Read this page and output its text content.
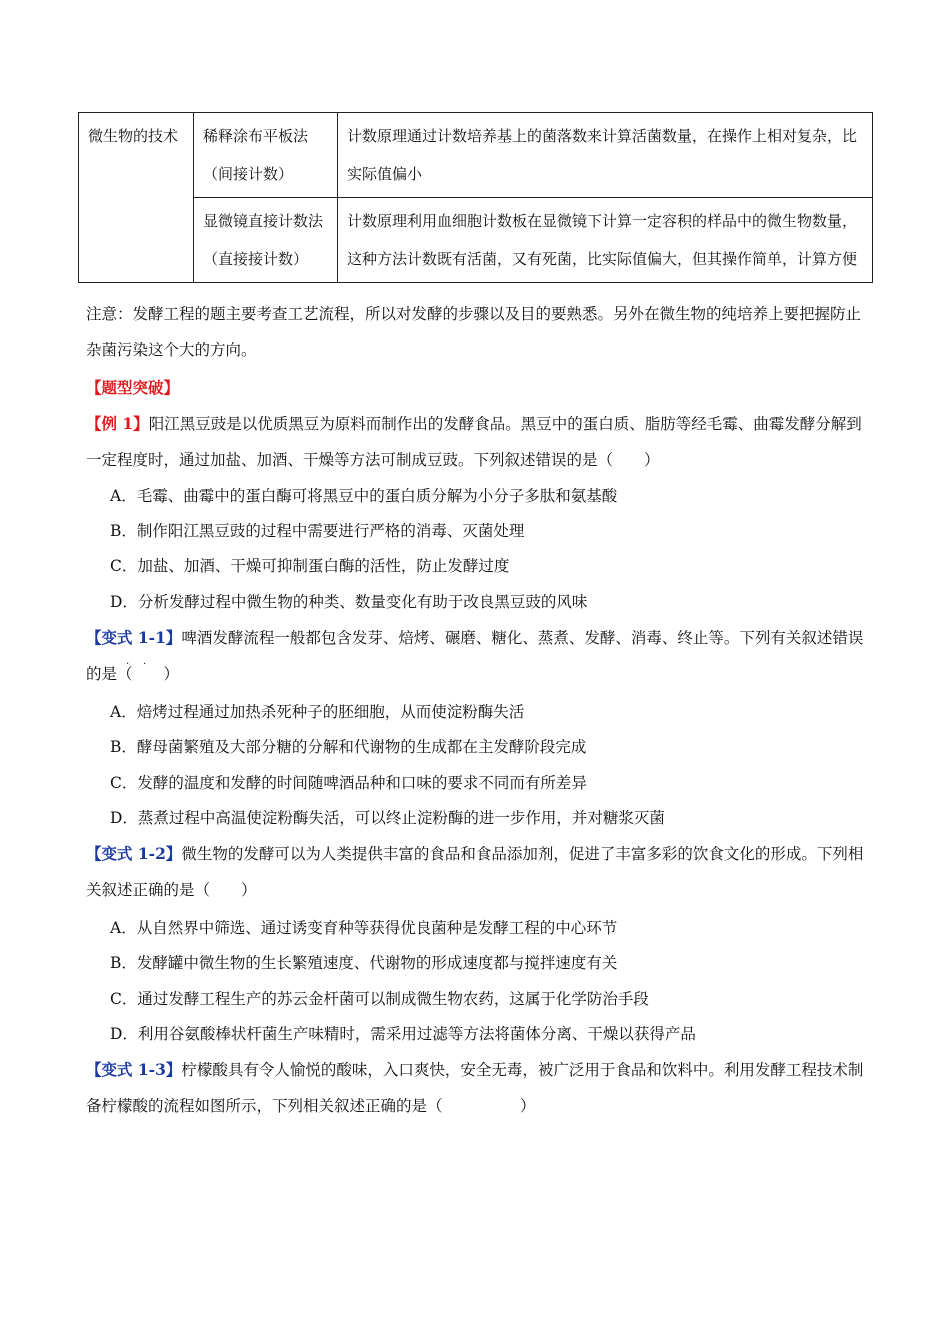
微生物的技术	稀释涂布平板法（间接计数）	计数原理通过计数培养基上的菌落数来计算活菌数量，在操作上相对复杂，比实际值偏小
	显微镜直接计数法（直接接计数）	计数原理利用血细胞计数板在显微镜下计算一定容积的样品中的微生物数量，这种方法计数既有活菌，又有死菌，比实际值偏大，但其操作简单，计算方便
注意：发酵工程的题主要考查工艺流程，所以对发酵的步骤以及目的要熟悉。另外在微生物的纯培养上要把握防止杂菌污染这个大的方向。
【题型突破】
【例 1】阳江黑豆豉是以优质黑豆为原料而制作出的发酵食品。黑豆中的蛋白质、脂肪等经毛霉、曲霉发酵分解到一定程度时，通过加盐、加酒、干燥等方法可制成豆豉。下列叙述错误的是（　　）
A．毛霉、曲霉中的蛋白酶可将黑豆中的蛋白质分解为小分子多肽和氨基酸
B．制作阳江黑豆豉的过程中需要进行严格的消毒、灭菌处理
C．加盐、加酒、干燥可抑制蛋白酶的活性，防止发酵过度
D．分析发酵过程中微生物的种类、数量变化有助于改良黑豆豉的风味
【变式 1-1】啤酒发酵流程一般都包含发芽、焙烤、碾磨、糖化、蒸煮、发酵、消毒、终止等。下列有关叙述错误的是（　　）
. .
A．焙烤过程通过加热杀死种子的胚细胞，从而使淀粉酶失活
B．酵母菌繁殖及大部分糖的分解和代谢物的生成都在主发酵阶段完成
C．发酵的温度和发酵的时间随啤酒品种和口味的要求不同而有所差异
D．蒸煮过程中高温使淀粉酶失活，可以终止淀粉酶的进一步作用，并对糖浆灭菌
【变式 1-2】微生物的发酵可以为人类提供丰富的食品和食品添加剂，促进了丰富多彩的饮食文化的形成。下列相关叙述正确的是（　　）
A．从自然界中筛选、通过诱变育种等获得优良菌种是发酵工程的中心环节
B．发酵罐中微生物的生长繁殖速度、代谢物的形成速度都与搅拌速度有关
C．通过发酵工程生产的苏云金杆菌可以制成微生物农药，这属于化学防治手段
D．利用谷氨酸棒状杆菌生产味精时，需采用过滤等方法将菌体分离、干燥以获得产品
【变式 1-3】柠檬酸具有令人愉悦的酸味，入口爽快，安全无毒，被广泛用于食品和饮料中。利用发酵工程技术制备柠檬酸的流程如图所示，下列相关叙述正确的是（　　　　　）
